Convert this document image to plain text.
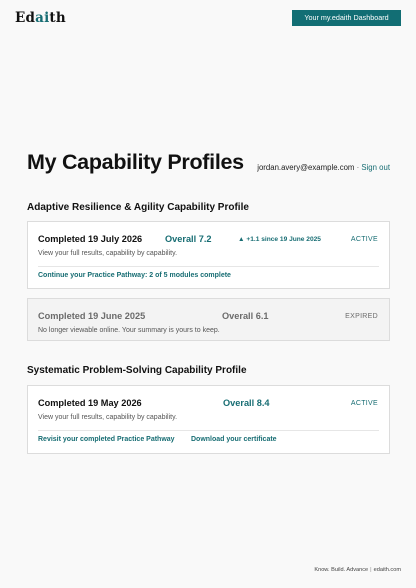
Edaith	Your my.edaith Dashboard
My Capability Profiles jordan.avery@example.com · Sign out
Adaptive Resilience & Agility Capability Profile
Completed 19 July 2026 Overall 7.2	▲ +1.1 since 19 June 2025	ACTIVE
View your full results, capability by capability.
Continue your Practice Pathway: 2 of 5 modules complete
Completed 19 June 2025	Overall 6.1	EXPIRED
No longer viewable online. Your summary is yours to keep.
Systematic Problem-Solving Capability Profile
Completed 19 May 2026	Overall 8.4	ACTIVE
View your full results, capability by capability.
Revisit your completed Practice Pathway Download your certificate
Know. Build. Advance | edaith.com
